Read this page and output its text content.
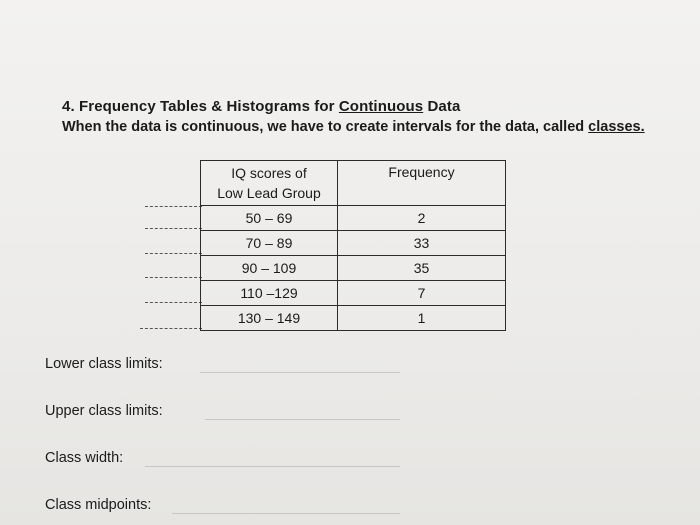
4. Frequency Tables & Histograms for Continuous Data
When the data is continuous, we have to create intervals for the data, called classes.
IQ scores of
Low Lead Group	Frequency
50 – 69	2
70 – 89	33
90 – 109	35
110 –129	7
130 – 149	1
Lower class limits:
Upper class limits:
Class width:
Class midpoints:
